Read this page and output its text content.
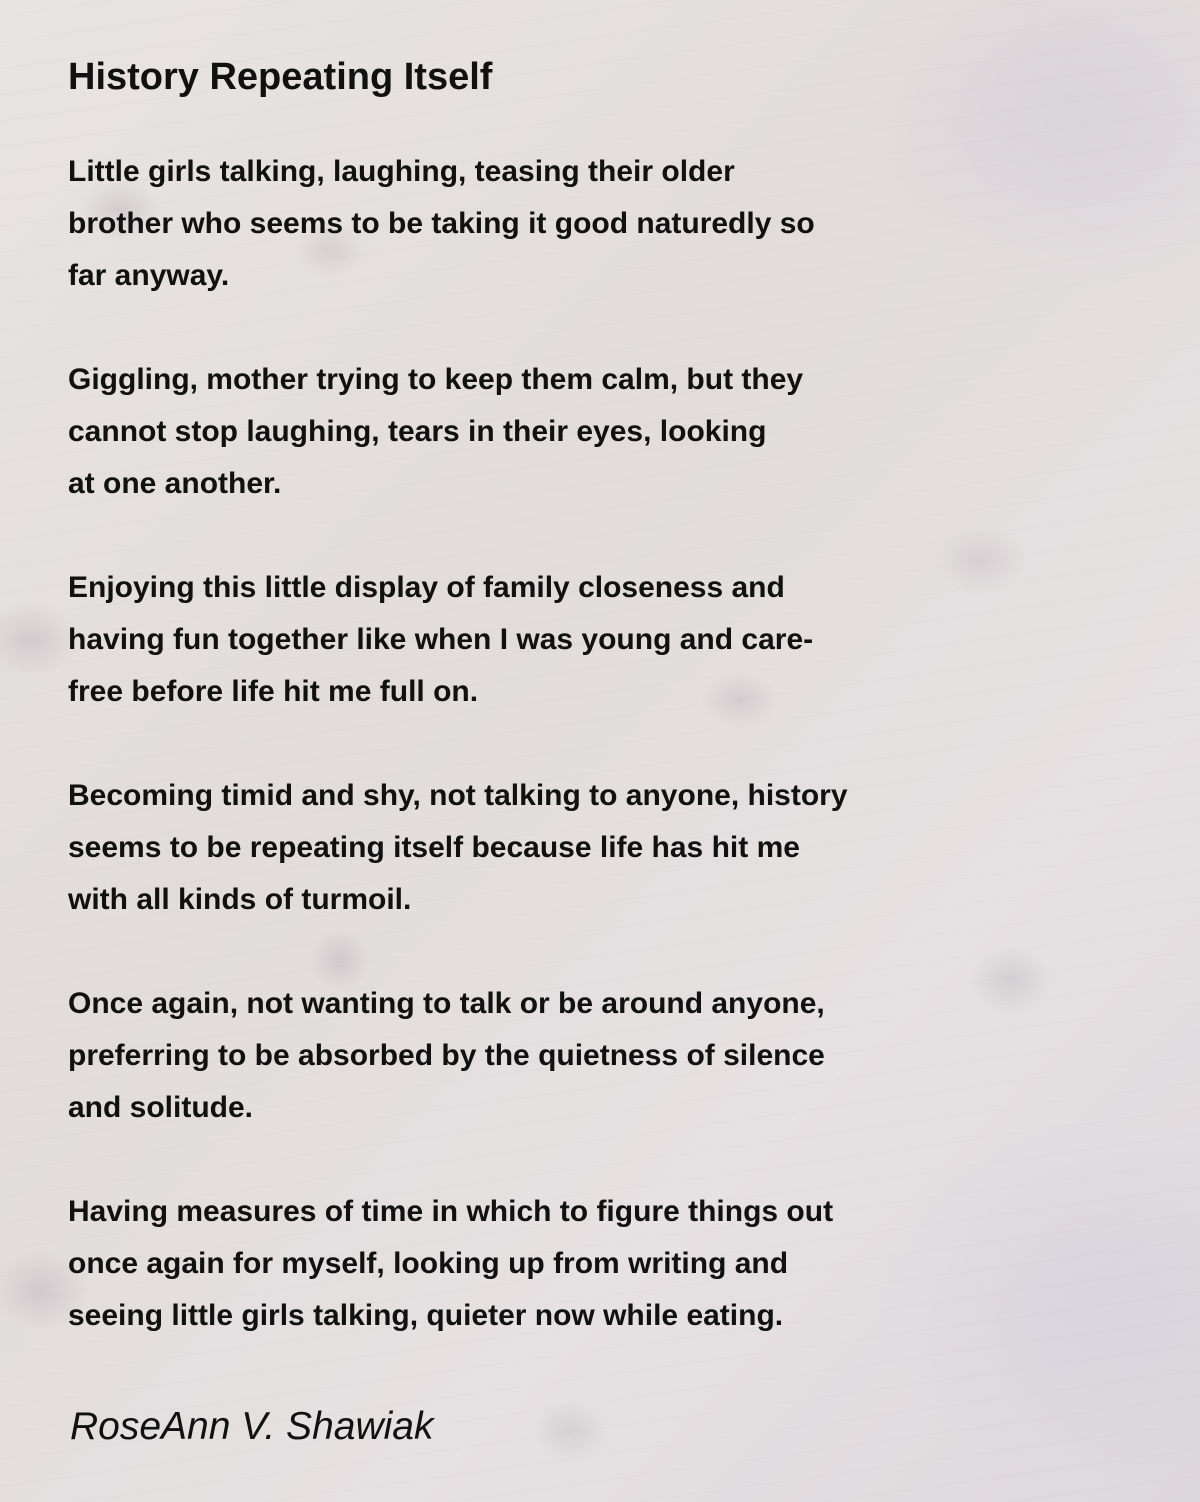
History Repeating Itself

Little girls talking, laughing, teasing their older
brother who seems to be taking it good naturedly so
far anyway.

Giggling, mother trying to keep them calm, but they
cannot stop laughing, tears in their eyes, looking
at one another.

Enjoying this little display of family closeness and
having fun together like when I was young and care-
free before life hit me full on.

Becoming timid and shy, not talking to anyone, history
seems to be repeating itself because life has hit me
with all kinds of turmoil.

Once again, not wanting to talk or be around anyone,
preferring to be absorbed by the quietness of silence
and solitude.

Having measures of time in which to figure things out
once again for myself, looking up from writing and
seeing little girls talking, quieter now while eating.

RoseAnn V. Shawiak
